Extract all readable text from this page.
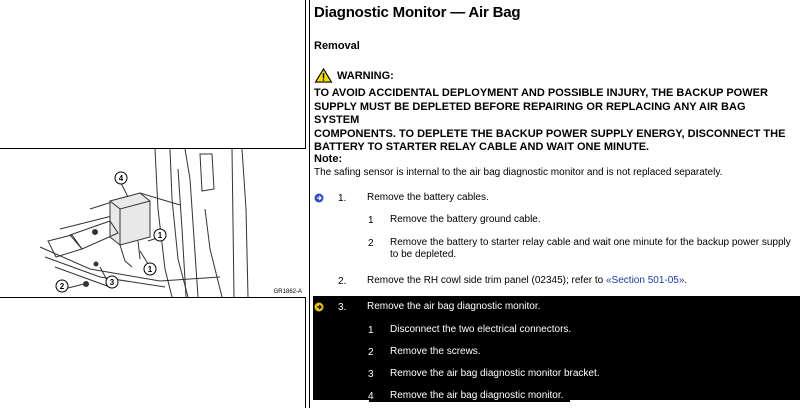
4
1
1
3
2
GR1862-A
Diagnostic Monitor — Air Bag
Removal
WARNING:
TO AVOID ACCIDENTAL DEPLOYMENT AND POSSIBLE INJURY, THE BACKUP POWER
SUPPLY MUST BE DEPLETED BEFORE REPAIRING OR REPLACING ANY AIR BAG SYSTEM
COMPONENTS. TO DEPLETE THE BACKUP POWER SUPPLY ENERGY, DISCONNECT THE
BATTERY TO STARTER RELAY CABLE AND WAIT ONE MINUTE.
Note:
The safing sensor is internal to the air bag diagnostic monitor and is not replaced separately.
1. Remove the battery cables.
1 Remove the battery ground cable.
2 Remove the battery to starter relay cable and wait one minute for the backup power supply
to be depleted.
2. Remove the RH cowl side trim panel (02345); refer to «Section 501-05».
3. Remove the air bag diagnostic monitor.
1 Disconnect the two electrical connectors.
2 Remove the screws.
3 Remove the air bag diagnostic monitor bracket.
4 Remove the air bag diagnostic monitor.
